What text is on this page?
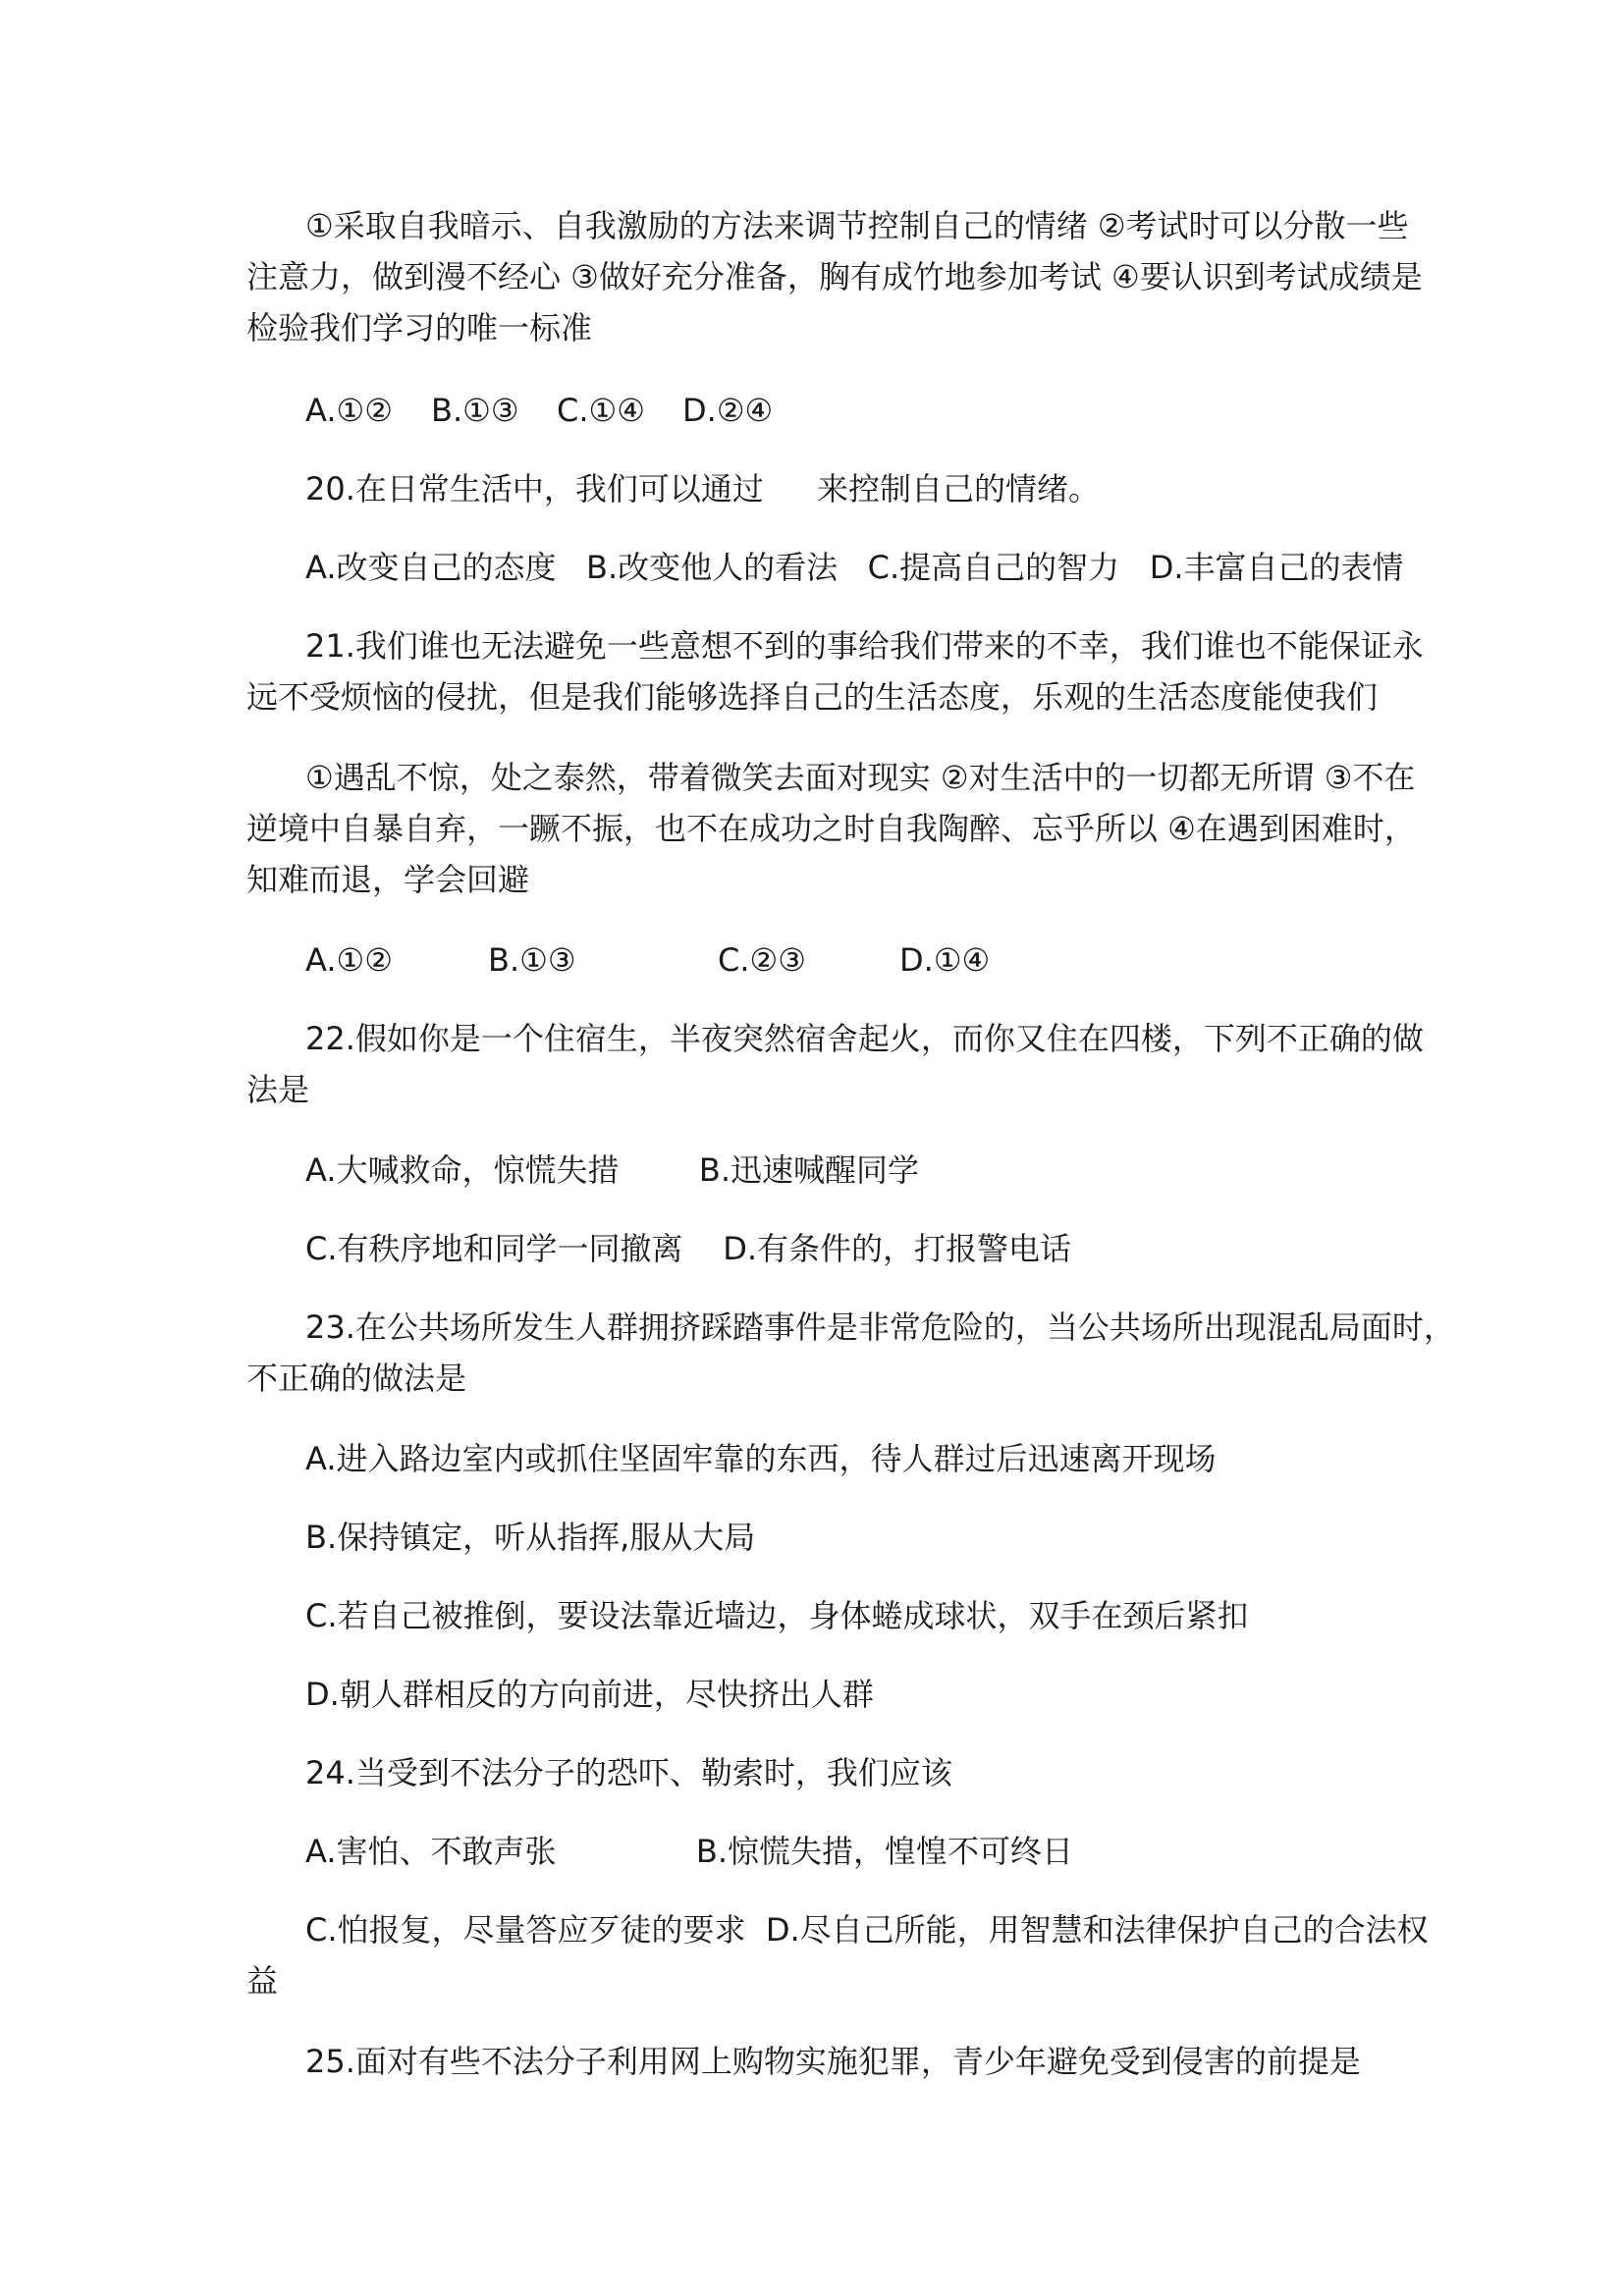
①采取自我暗示、自我激励的方法来调节控制自己的情绪 ②考试时可以分散一些

注意力，做到漫不经心 ③做好充分准备，胸有成竹地参加考试 ④要认识到考试成绩是

检验我们学习的唯一标准

A.①② B.①③ C.①④ D.②④
20.在日常生活中，我们可以通过 来控制自己的情绪。

A.改变自己的态度   B.改变他人的看法   C.提高自己的智力   D.丰富自己的表情

21.我们谁也无法避免一些意想不到的事给我们带来的不幸，我们谁也不能保证永

远不受烦恼的侵扰，但是我们能够选择自己的生活态度，乐观的生活态度能使我们

①遇乱不惊，处之泰然，带着微笑去面对现实 ②对生活中的一切都无所谓 ③不在

逆境中自暴自弃，一蹶不振，也不在成功之时自我陶醉、忘乎所以 ④在遇到困难时，

知难而退，学会回避

A.①②	B.①③	C.②③	D.①④

22.假如你是一个住宿生，半夜突然宿舍起火，而你又住在四楼，下列不正确的做

法是

A.大喊救命，惊慌失措        B.迅速喊醒同学

C.有秩序地和同学一同撤离    D.有条件的，打报警电话

23.在公共场所发生人群拥挤踩踏事件是非常危险的，当公共场所出现混乱局面时，

不正确的做法是

A.进入路边室内或抓住坚固牢靠的东西，待人群过后迅速离开现场

B.保持镇定，听从指挥,服从大局

C.若自己被推倒，要设法靠近墙边，身体蜷成球状，双手在颈后紧扣

D.朝人群相反的方向前进，尽快挤出人群

24.当受到不法分子的恐吓、勒索时，我们应该

A.害怕、不敢声张              B.惊慌失措，惶惶不可终日

C.怕报复，尽量答应歹徒的要求  D.尽自己所能，用智慧和法律保护自己的合法权

益

25.面对有些不法分子利用网上购物实施犯罪，青少年避免受到侵害的前提是
